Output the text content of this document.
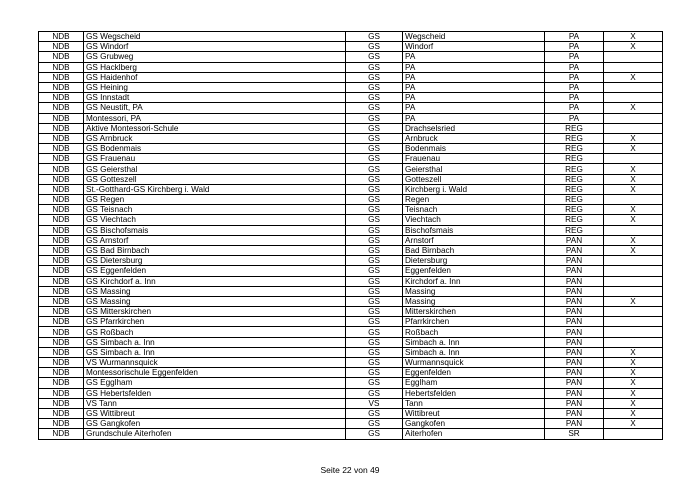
NDB	GS Wegscheid	GS	Wegscheid	PA	X
NDB	GS Windorf	GS	Windorf	PA	X
NDB	GS Grubweg	GS	PA	PA	
NDB	GS Hacklberg	GS	PA	PA	
NDB	GS Haidenhof	GS	PA	PA	X
NDB	GS Heining	GS	PA	PA	
NDB	GS Innstadt	GS	PA	PA	
NDB	GS Neustift, PA	GS	PA	PA	X
NDB	Montessori, PA	GS	PA	PA	
NDB	Aktive Montessori-Schule	GS	Drachselsried	REG	
NDB	GS Arnbruck	GS	Arnbruck	REG	X
NDB	GS Bodenmais	GS	Bodenmais	REG	X
NDB	GS Frauenau	GS	Frauenau	REG	
NDB	GS Geiersthal	GS	Geiersthal	REG	X
NDB	GS Gotteszell	GS	Gotteszell	REG	X
NDB	St.-Gotthard-GS Kirchberg i. Wald	GS	Kirchberg i. Wald	REG	X
NDB	GS Regen	GS	Regen	REG	
NDB	GS Teisnach	GS	Teisnach	REG	X
NDB	GS Viechtach	GS	Viechtach	REG	X
NDB	GS Bischofsmais	GS	Bischofsmais	REG	
NDB	GS Arnstorf	GS	Arnstorf	PAN	X
NDB	GS Bad Birnbach	GS	Bad Birnbach	PAN	X
NDB	GS Dietersburg	GS	Dietersburg	PAN	
NDB	GS Eggenfelden	GS	Eggenfelden	PAN	
NDB	GS Kirchdorf a. Inn	GS	Kirchdorf a. Inn	PAN	
NDB	GS Massing	GS	Massing	PAN	
NDB	GS Massing	GS	Massing	PAN	X
NDB	GS Mitterskirchen	GS	Mitterskirchen	PAN	
NDB	GS Pfarrkirchen	GS	Pfarrkirchen	PAN	
NDB	GS Roßbach	GS	Roßbach	PAN	
NDB	GS Simbach a. Inn	GS	Simbach a. Inn	PAN	
NDB	GS Simbach a. Inn	GS	Simbach a. Inn	PAN	X
NDB	VS Wurmannsquick	GS	Wurmannsquick	PAN	X
NDB	Montessorischule Eggenfelden	GS	Eggenfelden	PAN	X
NDB	GS Egglham	GS	Egglham	PAN	X
NDB	GS Hebertsfelden	GS	Hebertsfelden	PAN	X
NDB	VS Tann	VS	Tann	PAN	X
NDB	GS Wittibreut	GS	Wittibreut	PAN	X
NDB	GS Gangkofen	GS	Gangkofen	PAN	X
NDB	Grundschule Aiterhofen	GS	Aiterhofen	SR	
Seite 22 von 49
